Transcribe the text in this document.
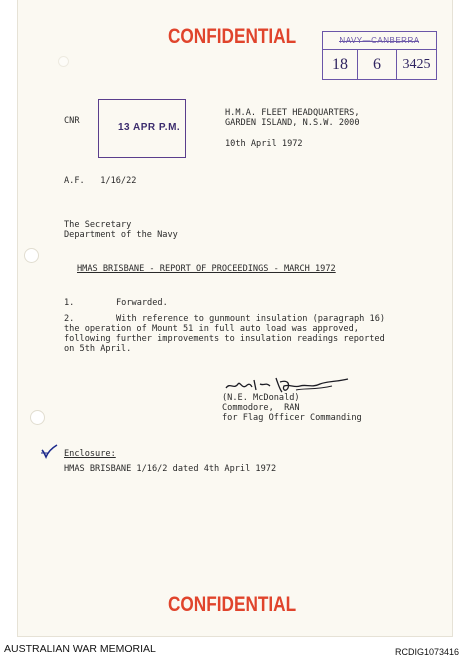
CONFIDENTIAL
18	6	3425
CNR
13 APR P.M.
H.M.A. FLEET HEADQUARTERS,
GARDEN ISLAND, N.S.W. 2000
10th April 1972
A.F.   1/16/22
The Secretary
Department of the Navy
HMAS BRISBANE - REPORT OF PROCEEDINGS - MARCH 1972
1.	Forwarded.
2.	With reference to gunmount insulation (paragraph 16)
the operation of Mount 51 in full auto load was approved,
following further improvements to insulation readings reported
on 5th April.
(N.E. McDonald)
Commodore,  RAN
for Flag Officer Commanding
Enclosure:
HMAS BRISBANE 1/16/2 dated 4th April 1972
CONFIDENTIAL
AUSTRALIAN WAR MEMORIAL	RCDIG1073416
